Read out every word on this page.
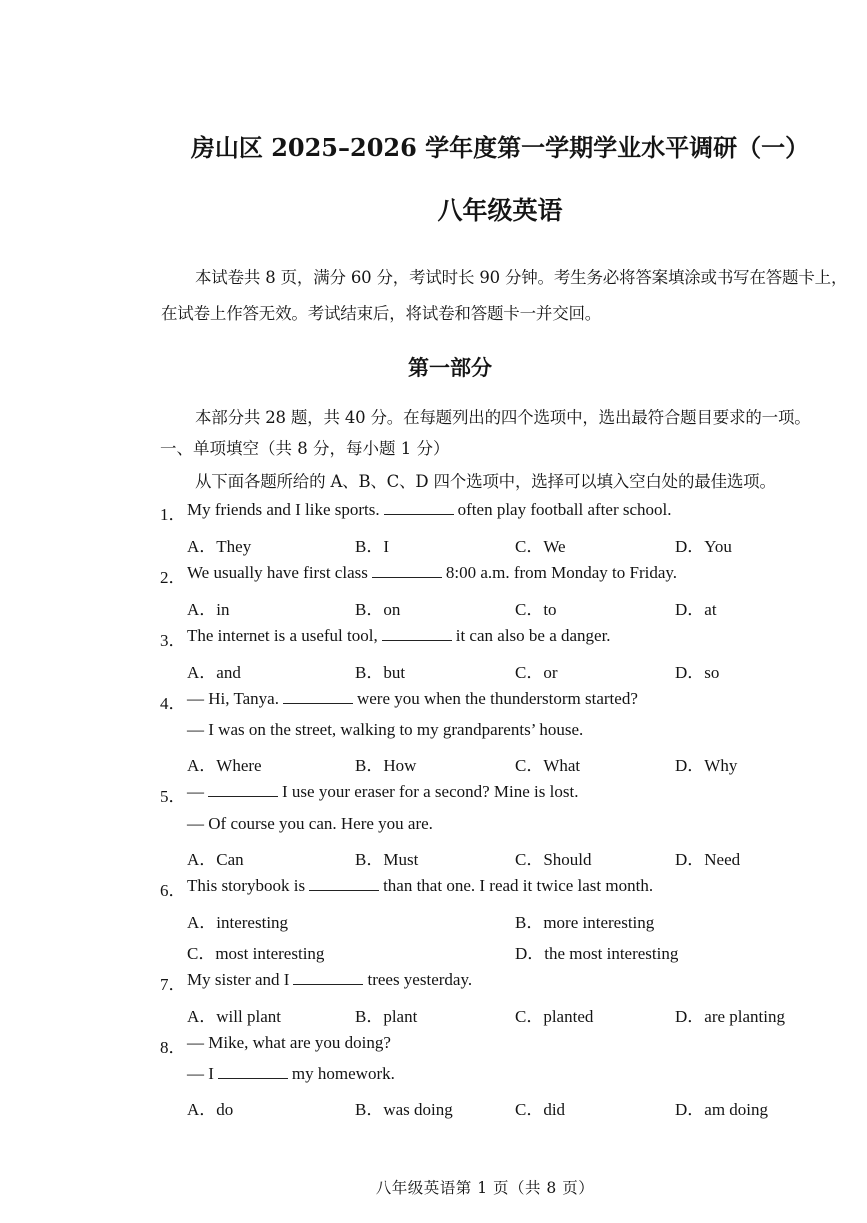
房山区 2025–2026 学年度第一学期学业水平调研（一）
八年级英语
本试卷共 8 页，满分 60 分，考试时长 90 分钟。考生务必将答案填涂或书写在答题卡上，在试卷上作答无效。考试结束后，将试卷和答题卡一并交回。
第一部分
本部分共 28 题，共 40 分。在每题列出的四个选项中，选出最符合题目要求的一项。
一、单项填空（共 8 分，每小题 1 分）
从下面各题所给的 A、B、C、D 四个选项中，选择可以填入空白处的最佳选项。
1． My friends and I like sports.	often play football after school.
A．They	B．I	C．We	D．You
2． We usually have first class	8:00 a.m. from Monday to Friday.
A．in	B．on	C．to	D．at
3． The internet is a useful tool,	it can also be a danger.
A．and	B．but	C．or	D．so
4． — Hi, Tanya.	were you when the thunderstorm started?
— I was on the street, walking to my grandparents’ house.
A．Where	B．How	C．What	D．Why
5． —	I use your eraser for a second? Mine is lost.
— Of course you can. Here you are.
A．Can	B．Must	C．Should	D．Need
6． This storybook is	than that one. I read it twice last month.
A．interesting	B．more interesting
C．most interesting	D．the most interesting
7． My sister and I	trees yesterday.
A．will plant	B．plant	C．planted	D．are planting
8． — Mike, what are you doing?
— I	my homework.
A．do	B．was doing	C．did	D．am doing
八年级英语第 1 页（共 8 页）
